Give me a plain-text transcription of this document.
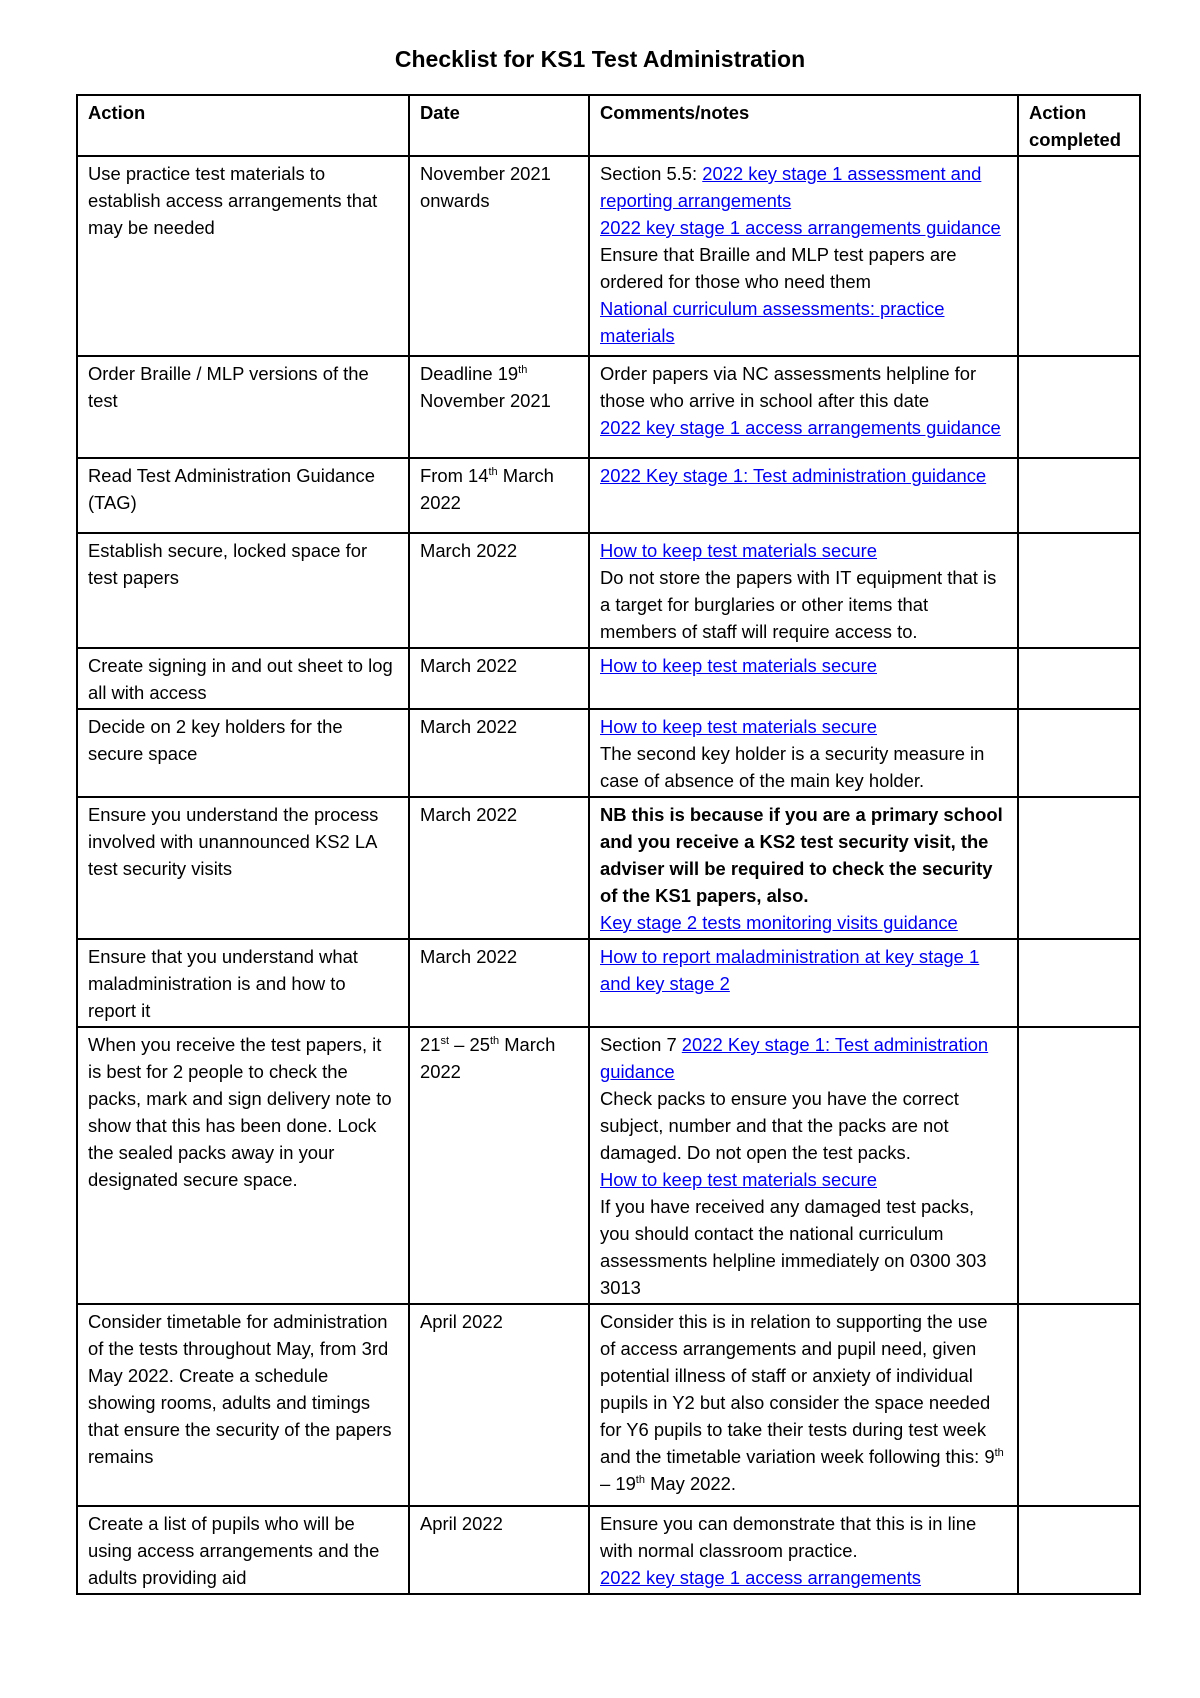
Checklist for KS1 Test Administration
Action	Date	Comments/notes	Action completed
Use practice test materials to establish access arrangements that may be needed	November 2021 onwards	Section 5.5: 2022 key stage 1 assessment and reporting arrangements
2022 key stage 1 access arrangements guidance
Ensure that Braille and MLP test papers are ordered for those who need them
National curriculum assessments: practice materials	
Order Braille / MLP versions of the test	Deadline 19th November 2021	Order papers via NC assessments helpline for those who arrive in school after this date
2022 key stage 1 access arrangements guidance	
Read Test Administration Guidance (TAG)	From 14th March 2022	2022 Key stage 1: Test administration guidance	
Establish secure, locked space for test papers	March 2022	How to keep test materials secure
Do not store the papers with IT equipment that is a target for burglaries or other items that members of staff will require access to.	
Create signing in and out sheet to log all with access	March 2022	How to keep test materials secure	
Decide on 2 key holders for the secure space	March 2022	How to keep test materials secure
The second key holder is a security measure in case of absence of the main key holder.	
Ensure you understand the process involved with unannounced KS2 LA test security visits	March 2022	NB this is because if you are a primary school and you receive a KS2 test security visit, the adviser will be required to check the security of the KS1 papers, also.
Key stage 2 tests monitoring visits guidance	
Ensure that you understand what maladministration is and how to report it	March 2022	How to report maladministration at key stage 1 and key stage 2	
When you receive the test papers, it is best for 2 people to check the packs, mark and sign delivery note to show that this has been done. Lock the sealed packs away in your designated secure space.	21st – 25th March 2022	Section 7 2022 Key stage 1: Test administration guidance
Check packs to ensure you have the correct subject, number and that the packs are not damaged. Do not open the test packs.
How to keep test materials secure
If you have received any damaged test packs, you should contact the national curriculum assessments helpline immediately on 0300 303 3013	
Consider timetable for administration of the tests throughout May, from 3rd May 2022. Create a schedule showing rooms, adults and timings that ensure the security of the papers remains	April 2022	Consider this is in relation to supporting the use of access arrangements and pupil need, given potential illness of staff or anxiety of individual pupils in Y2 but also consider the space needed for Y6 pupils to take their tests during test week and the timetable variation week following this: 9th – 19th May 2022.	
Create a list of pupils who will be using access arrangements and the adults providing aid	April 2022	Ensure you can demonstrate that this is in line with normal classroom practice.
2022 key stage 1 access arrangements	
